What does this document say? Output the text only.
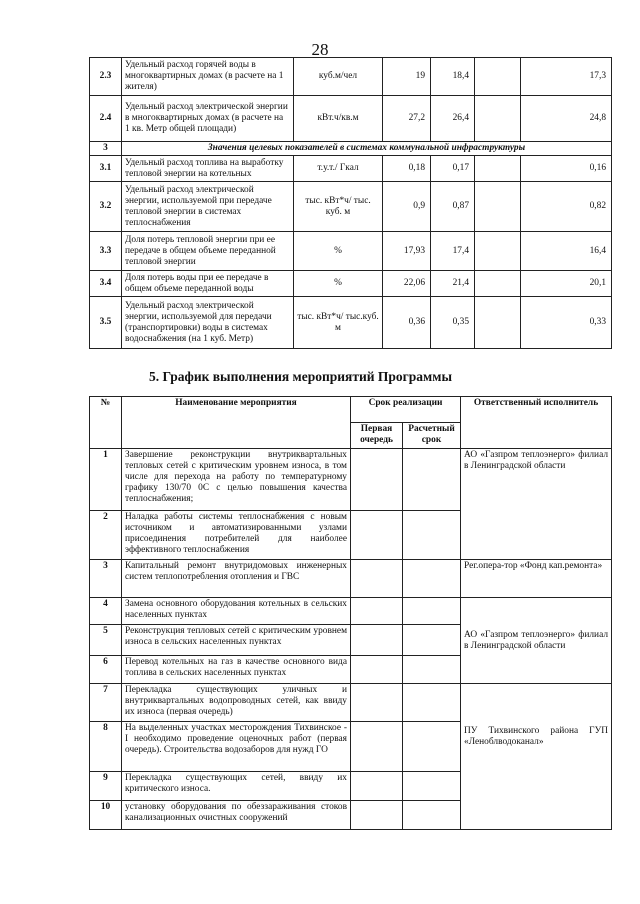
28
2.3	Удельный расход горячей воды в многоквартирных домах (в расчете на 1 жителя)	куб.м/чел	19	18,4		17,3
2.4	Удельный расход электрической энергии в многоквартирных домах (в расчете на 1 кв. Метр общей площади)	кВт.ч/кв.м	27,2	26,4		24,8
3	Значения целевых показателей в системах коммунальной инфраструктуры					
3.1	Удельный расход топлива на выработку тепловой энергии на котельных	т.у.т./ Гкал	0,18	0,17		0,16
3.2	Удельный расход электрической энергии, используемой при передаче тепловой энергии в системах теплоснабжения	тыс. кВт*ч/ тыс. куб. м	0,9	0,87		0,82
3.3	Доля потерь тепловой энергии при ее передаче в общем объеме переданной тепловой энергии	%	17,93	17,4		16,4
3.4	Доля потерь воды при ее передаче в общем объеме переданной воды	%	22,06	21,4		20,1
3.5	Удельный расход электрической энергии, используемой для передачи (транспортировки) воды в системах водоснабжения (на 1 куб. Метр)	тыс. кВт*ч/ тыс.куб. м	0,36	0,35		0,33
5. График выполнения мероприятий Программы
№	Наименование мероприятия	Срок реализации		Ответственный исполнитель
		Первая очередь	Расчетный срок	
1	Завершение реконструкции внутриквартальных тепловых сетей с критическим уровнем износа, в том числе для перехода на работу по температурному графику 130/70 0С с целью повышения качества теплоснабжения;			АО «Газпром теплоэнерго» филиал в Ленинградской области
2	Наладка работы системы теплоснабжения с новым источником и автоматизированными узлами присоединения потребителей для наиболее эффективного теплоснабжения			
3	Капитальный ремонт внутридомовых инженерных систем теплопотребления отопления и ГВС			Рег.опера-тор «Фонд кап.ремонта»
4	Замена основного оборудования котельных в сельских населенных пунктах			АО «Газпром теплоэнерго» филиал в Ленинградской области
5	Реконструкция тепловых сетей с критическим уровнем износа в сельских населенных пунктах			
6	Перевод котельных на газ в качестве основного вида топлива в сельских населенных пунктах			
7	Перекладка существующих уличных и внутриквартальных водопроводных сетей, как ввиду их износа (первая очередь)			ПУ Тихвинского района ГУП «Леноблводоканал»
8	На выделенных участках месторождения Тихвинское -I необходимо проведение оценочных работ (первая очередь). Строительства водозаборов для нужд ГО			
9	Перекладка существующих сетей, ввиду их критического износа.			
10	установку оборудования по обеззараживания стоков канализационных очистных сооружений			
